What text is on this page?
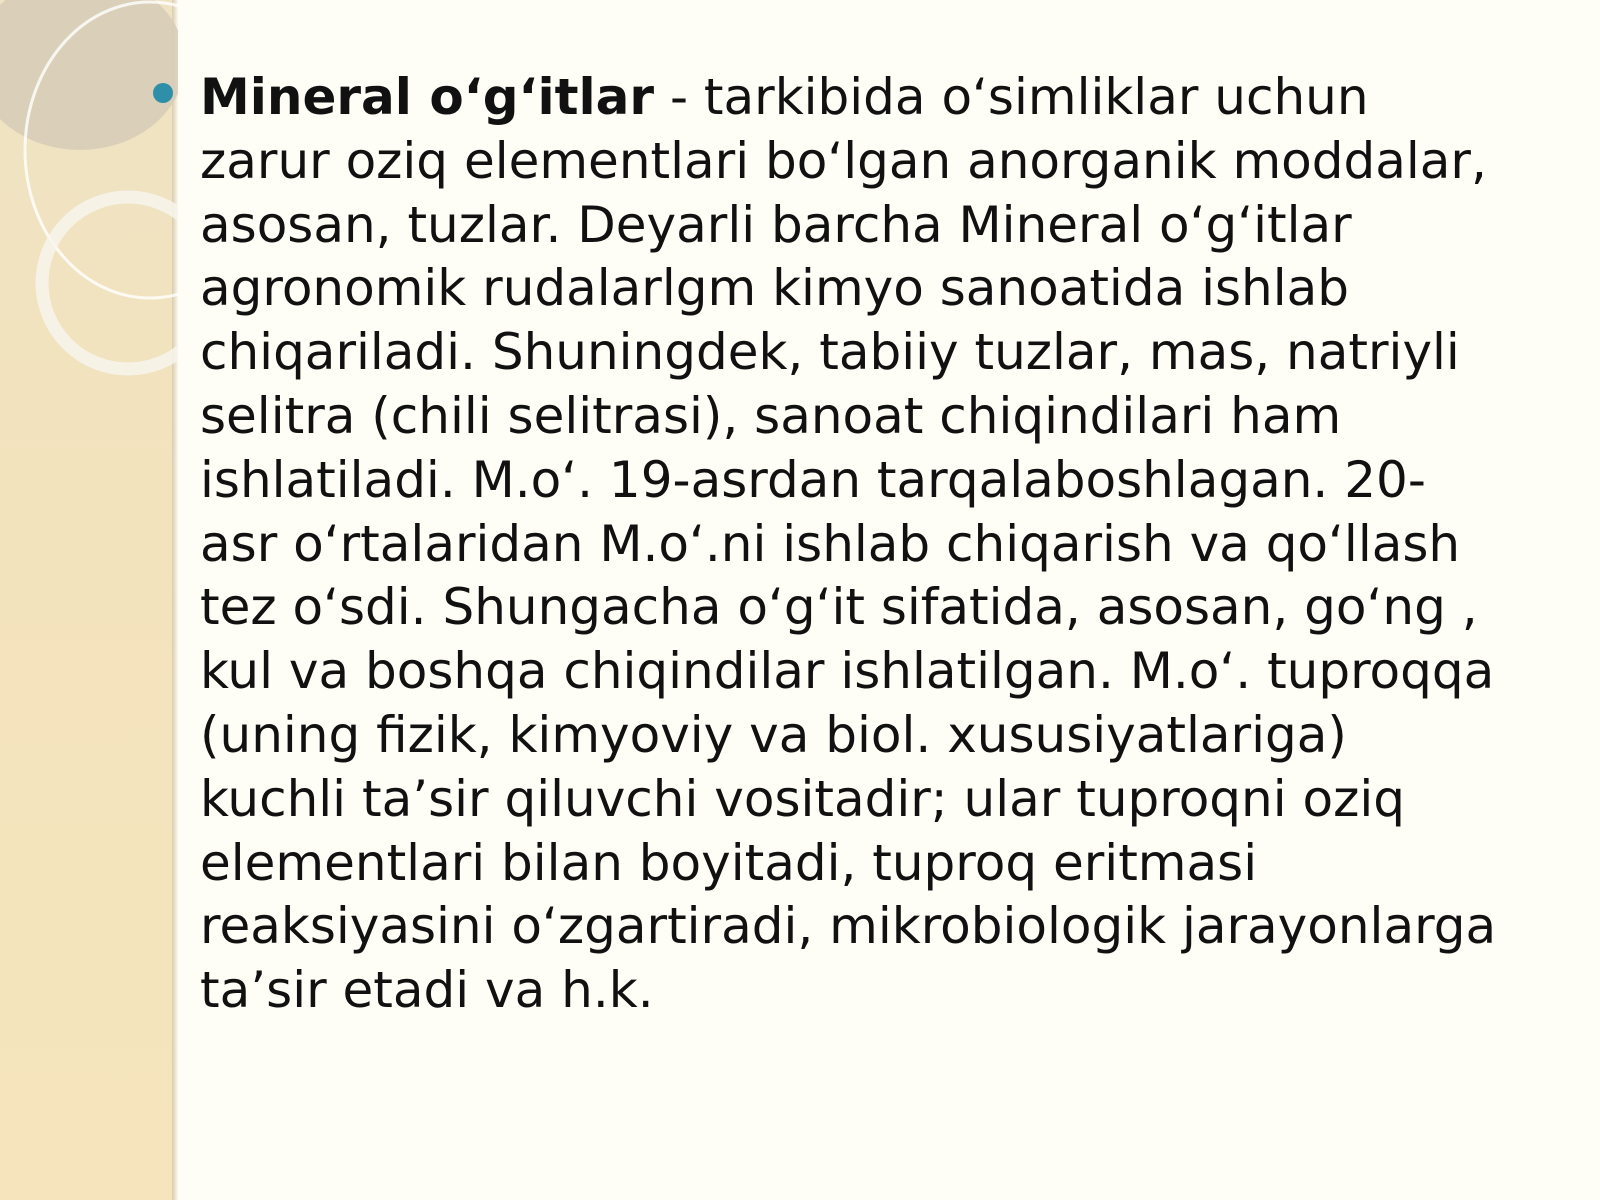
Mineral o‘g‘itlar - tarkibida o‘simliklar uchun zarur oziq elementlari bo‘lgan anorganik moddalar, asosan, tuzlar. Deyarli barcha Mineral o‘g‘itlar agronomik rudalarlgm kimyo sanoatida ishlab chiqariladi. Shuningdek, tabiiy tuzlar, mas, natriyli selitra (chili selitrasi), sanoat chiqindilari ham ishlatiladi. M.o‘. 19-asrdan tarqalaboshlagan. 20-asr o‘rtalaridan M.o‘.ni ishlab chiqarish va qo‘llash tez o‘sdi. Shungacha o‘g‘it sifatida, asosan, go‘ng , kul va boshqa chiqindilar ishlatilgan. M.o‘. tuproqqa (uning fizik, kimyoviy va biol. xususiyatlariga) kuchli ta’sir qiluvchi vositadir; ular tuproqni oziq elementlari bilan boyitadi, tuproq eritmasi reaksiyasini o‘zgartiradi, mikrobiologik jarayonlarga ta’sir etadi va h.k.
